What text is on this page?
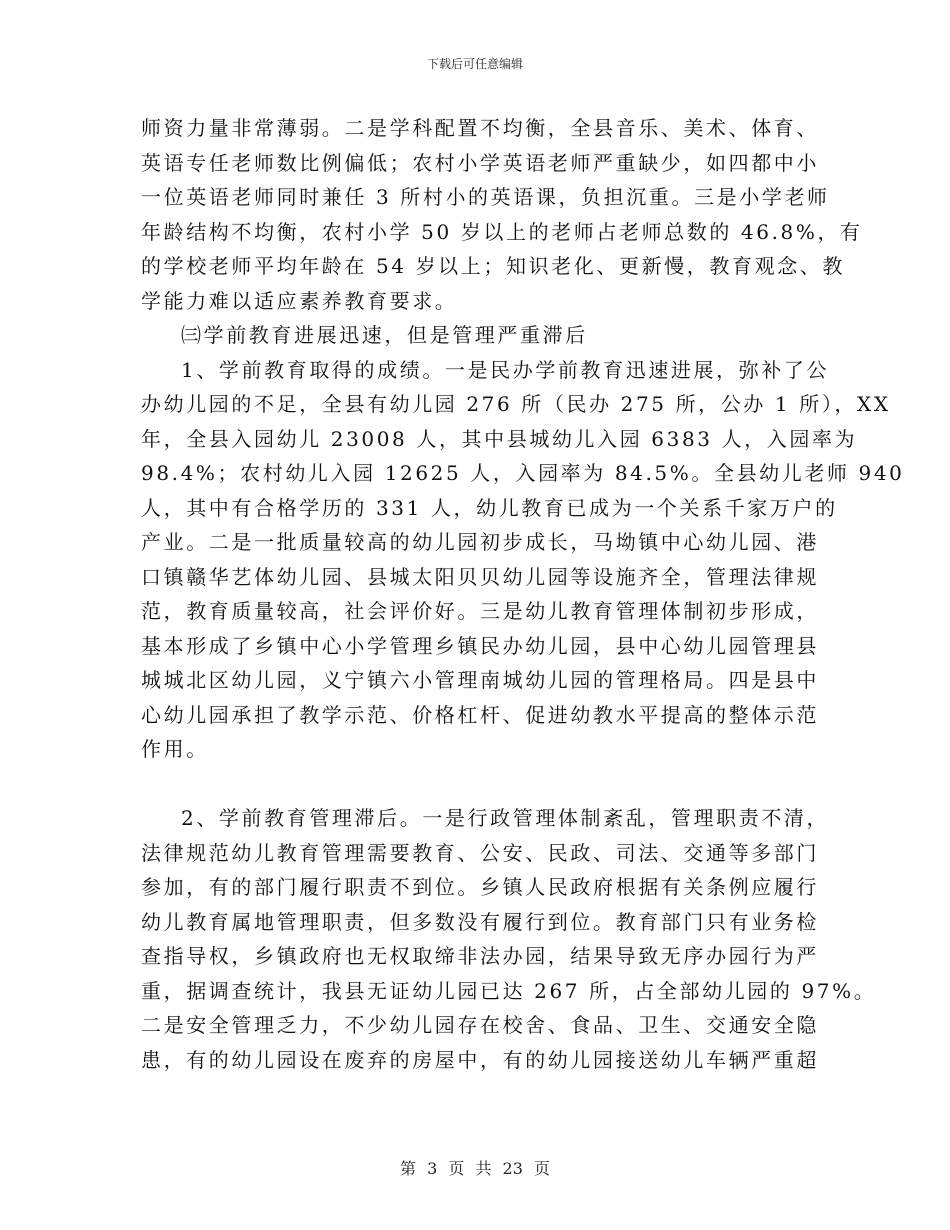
下载后可任意编辑
师资力量非常薄弱。二是学科配置不均衡，全县音乐、美术、体育、
英语专任老师数比例偏低；农村小学英语老师严重缺少，如四都中小
一位英语老师同时兼任 3 所村小的英语课，负担沉重。三是小学老师
年龄结构不均衡，农村小学 50 岁以上的老师占老师总数的 46.8%，有
的学校老师平均年龄在 54 岁以上；知识老化、更新慢，教育观念、教
学能力难以适应素养教育要求。
㈢学前教育进展迅速，但是管理严重滞后
1、学前教育取得的成绩。一是民办学前教育迅速进展，弥补了公
办幼儿园的不足，全县有幼儿园 276 所（民办 275 所，公办 1 所），XX
年，全县入园幼儿 23008 人，其中县城幼儿入园 6383 人，入园率为
98.4%；农村幼儿入园 12625 人，入园率为 84.5%。全县幼儿老师 940
人，其中有合格学历的 331 人，幼儿教育已成为一个关系千家万户的
产业。二是一批质量较高的幼儿园初步成长，马坳镇中心幼儿园、港
口镇赣华艺体幼儿园、县城太阳贝贝幼儿园等设施齐全，管理法律规
范，教育质量较高，社会评价好。三是幼儿教育管理体制初步形成，
基本形成了乡镇中心小学管理乡镇民办幼儿园，县中心幼儿园管理县
城城北区幼儿园，义宁镇六小管理南城幼儿园的管理格局。四是县中
心幼儿园承担了教学示范、价格杠杆、促进幼教水平提高的整体示范
作用。
2、学前教育管理滞后。一是行政管理体制紊乱，管理职责不清，
法律规范幼儿教育管理需要教育、公安、民政、司法、交通等多部门
参加，有的部门履行职责不到位。乡镇人民政府根据有关条例应履行
幼儿教育属地管理职责，但多数没有履行到位。教育部门只有业务检
查指导权，乡镇政府也无权取缔非法办园，结果导致无序办园行为严
重，据调查统计，我县无证幼儿园已达 267 所，占全部幼儿园的 97%。
二是安全管理乏力，不少幼儿园存在校舍、食品、卫生、交通安全隐
患，有的幼儿园设在废弃的房屋中，有的幼儿园接送幼儿车辆严重超
第 3 页 共 23 页
